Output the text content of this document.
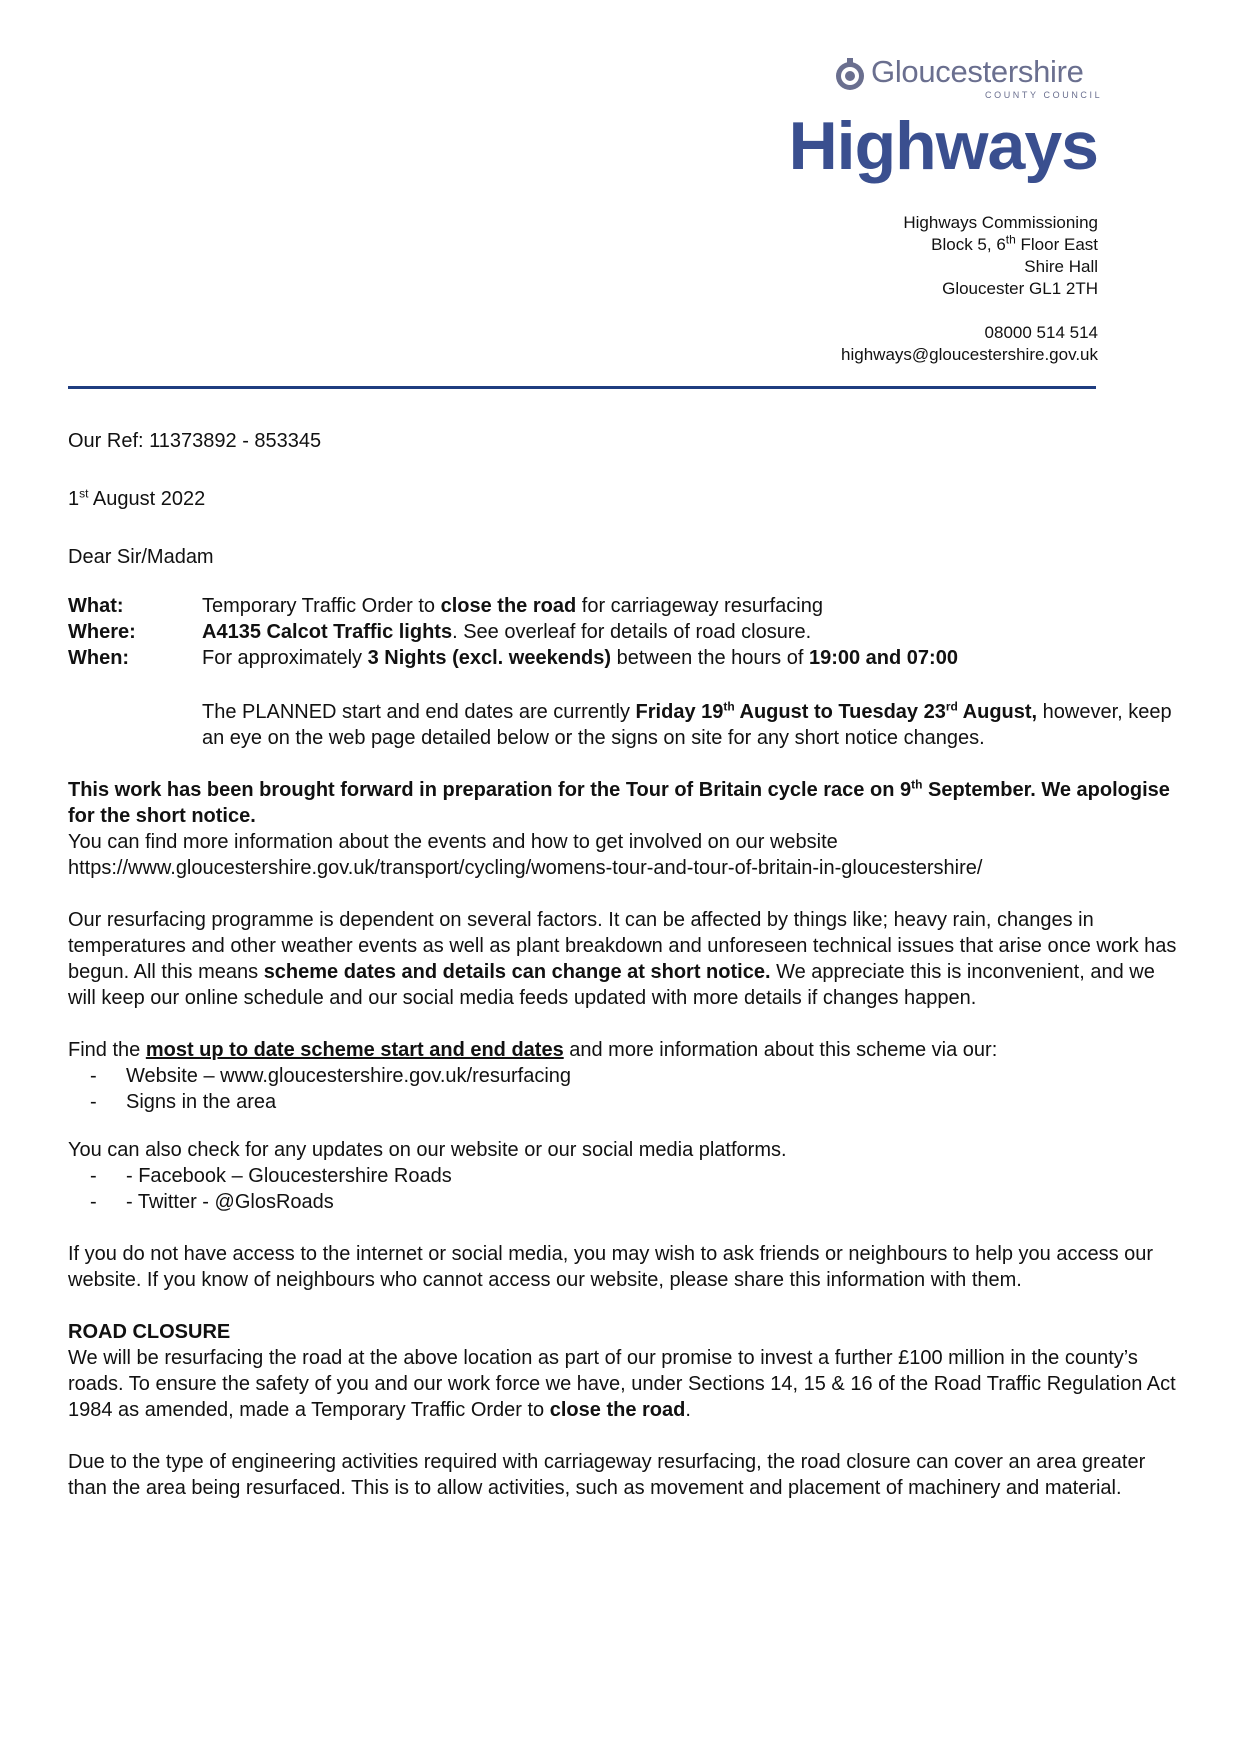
Gloucestershire
COUNTY COUNCIL
Highways
Highways Commissioning
Block 5, 6th Floor East
Shire Hall
Gloucester GL1 2TH
08000 514 514
highways@gloucestershire.gov.uk

Our Ref: 11373892 - 853345

1st August 2022

Dear Sir/Madam

What:	Temporary Traffic Order to close the road for carriageway resurfacing
Where:	A4135 Calcot Traffic lights. See overleaf for details of road closure.
When:	For approximately 3 Nights (excl. weekends) between the hours of 19:00 and 07:00

The PLANNED start and end dates are currently Friday 19th August to Tuesday 23rd August, however, keep an eye on the web page detailed below or the signs on site for any short notice changes.

This work has been brought forward in preparation for the Tour of Britain cycle race on 9th September. We apologise for the short notice.

You can find more information about the events and how to get involved on our website

https://www.gloucestershire.gov.uk/transport/cycling/womens-tour-and-tour-of-britain-in-gloucestershire/

Our resurfacing programme is dependent on several factors. It can be affected by things like; heavy rain, changes in temperatures and other weather events as well as plant breakdown and unforeseen technical issues that arise once work has begun. All this means scheme dates and details can change at short notice. We appreciate this is inconvenient, and we will keep our online schedule and our social media feeds updated with more details if changes happen.

Find the most up to date scheme start and end dates and more information about this scheme via our:

-	Website – www.gloucestershire.gov.uk/resurfacing
-	Signs in the area

You can also check for any updates on our website or our social media platforms.

-	- Facebook – Gloucestershire Roads
-	- Twitter - @GlosRoads

If you do not have access to the internet or social media, you may wish to ask friends or neighbours to help you access our website. If you know of neighbours who cannot access our website, please share this information with them.

ROAD CLOSURE

We will be resurfacing the road at the above location as part of our promise to invest a further £100 million in the county’s roads. To ensure the safety of you and our work force we have, under Sections 14, 15 & 16 of the Road Traffic Regulation Act 1984 as amended, made a Temporary Traffic Order to close the road.

Due to the type of engineering activities required with carriageway resurfacing, the road closure can cover an area greater than the area being resurfaced. This is to allow activities, such as movement and placement of machinery and material.
